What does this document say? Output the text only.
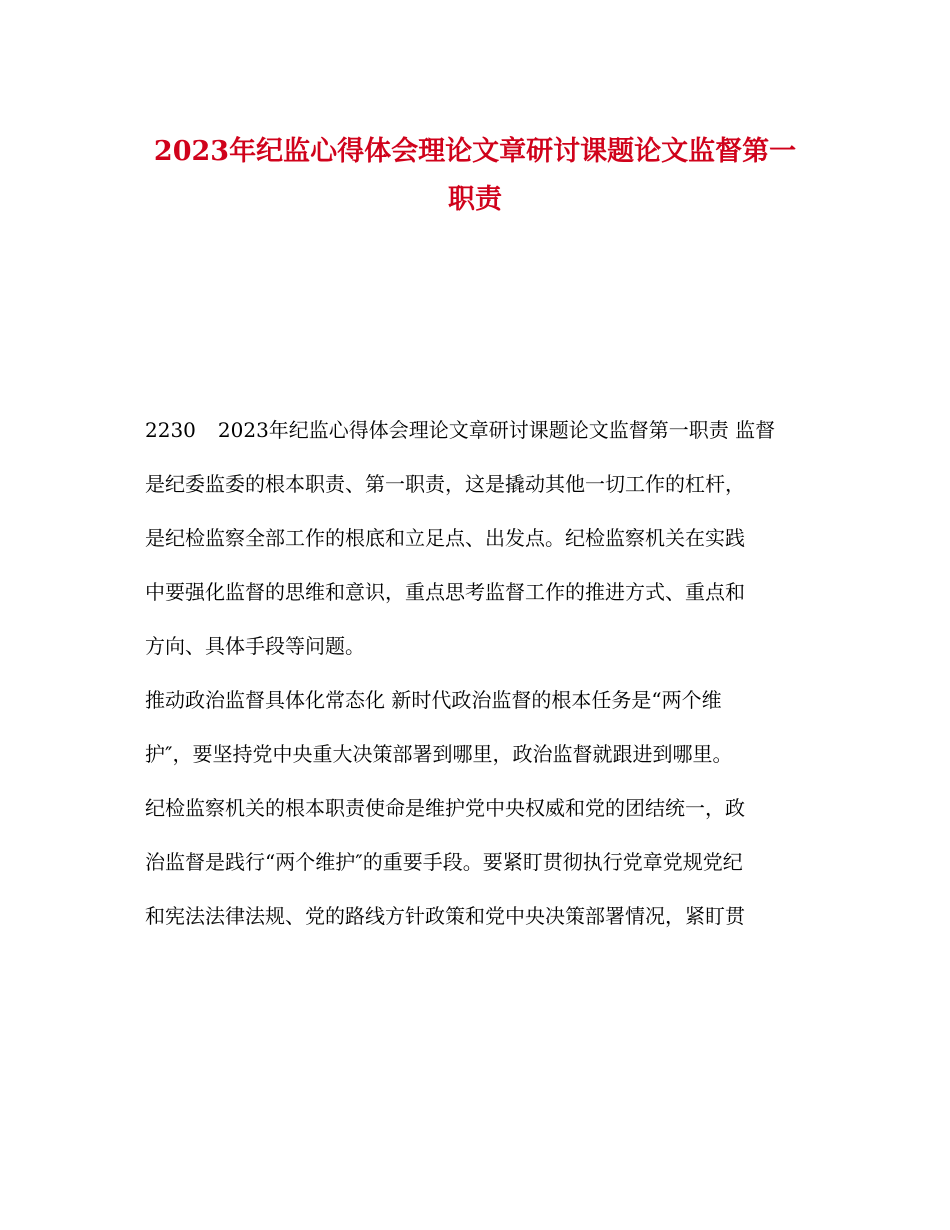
2023年纪监心得体会理论文章研讨课题论文监督第一
职责
2230 2023年纪监心得体会理论文章研讨课题论文监督第一职责 监督
是纪委监委的根本职责、第一职责，这是撬动其他一切工作的杠杆，
是纪检监察全部工作的根底和立足点、出发点。纪检监察机关在实践
中要强化监督的思维和意识，重点思考监督工作的推进方式、重点和
方向、具体手段等问题。
推动政治监督具体化常态化 新时代政治监督的根本任务是“两个维
护″，要坚持党中央重大决策部署到哪里，政治监督就跟进到哪里。
纪检监察机关的根本职责使命是维护党中央权威和党的团结统一，政
治监督是践行“两个维护″的重要手段。要紧盯贯彻执行党章党规党纪
和宪法法律法规、党的路线方针政策和党中央决策部署情况，紧盯贯
